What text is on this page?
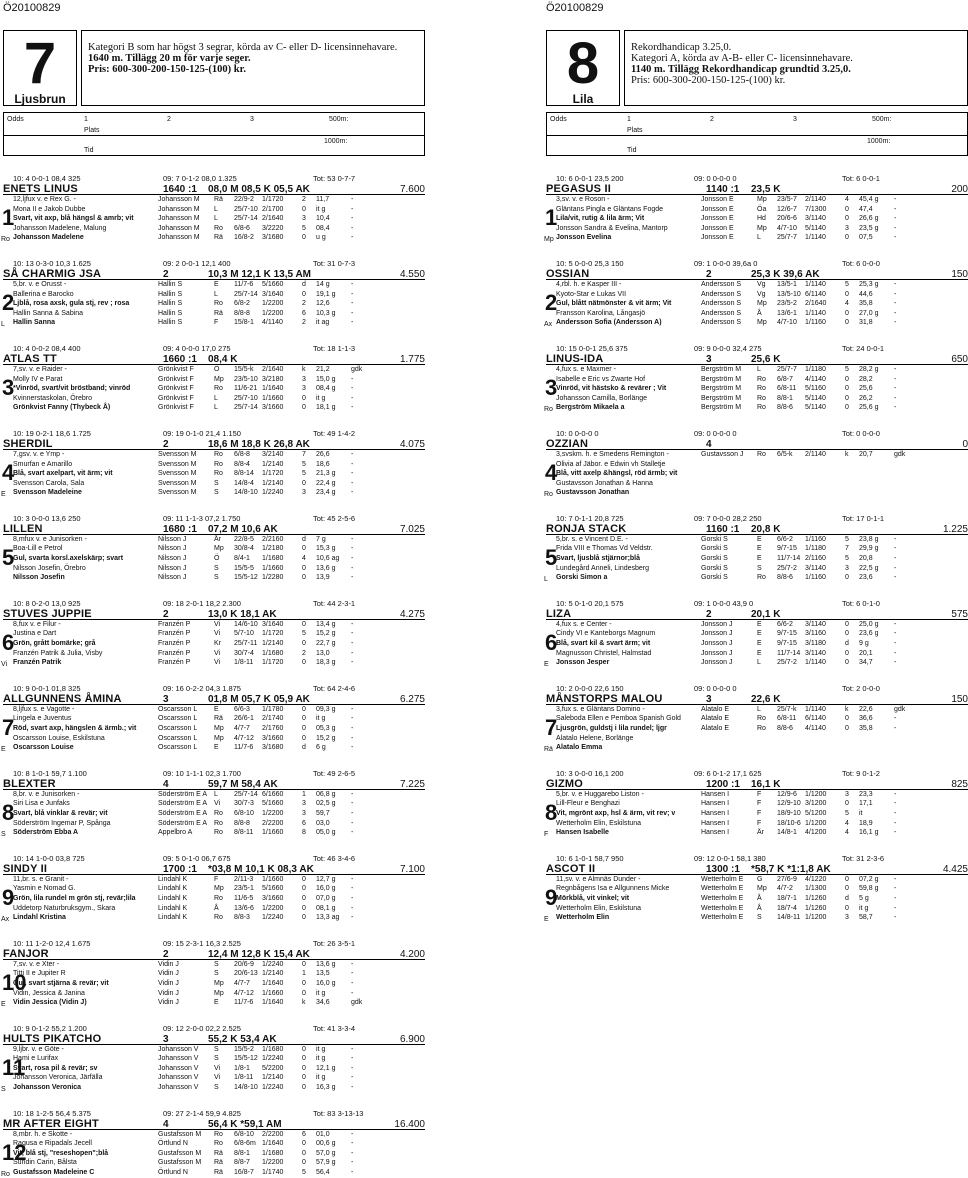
Ö20100829	Ö20100829
7
Ljusbrun
Kategori B som har högst 3 segrar, körda av C- eller D- licensinnehavare.
1640 m. Tillägg 20 m för varje seger.
Pris: 600-300-200-150-125-(100) kr.
Odds	1	2	3	500m:
Plats
1000m:
Tid
10: 4 0-0-1 08,4 325	09: 7 0-1-2 08,0 1.325	Tot: 53 0-7-7
ENETS LINUS	1640 :1	08,0 M 08,5 K 05,5 AK	7.600
1
12,ljfux v. e Rex G. -	Johansson M	Rä	22/9-2	1/1720	2	11,7	-
Mona II e Jakob Dubbe	Johansson M	L	25/7-10 2/1700	0	it g	-
Svart, vit axp, blå hängsl & amrb; vit	Johansson M	L	25/7-14 2/1640	3	10,4	-
Johansson Madelene, Malung	Johansson M	Ro	6/8-6	3/2220	5	08,4	-
Johansson Madelene	Johansson M	Rä	16/8-2	3/1680	0	u g	-
Ro
10: 13 0-3-0 10,3 1.625	09: 2 0-0-1 12,1 400	Tot: 31 0-7-3
SÅ CHARMIG JSA	2	10,3 M 12,1 K 13,5 AM	4.550
2
5,br. v. e Orusst -	Hallin S	E	11/7-6	5/1660	d	14 g	-
Ballerina e Barocko	Hallin S	L	25/7-14 3/1640	0	19,1 g	-
Ljblå, rosa axsk, gula stj, rev ; rosa	Hallin S	Ro	6/8-2	1/2200	2	12,6	-
Hallin Sanna & Sabina	Hallin S	Rä	8/8-8	1/2200	6	10,3 g	-
Hallin Sanna	Hallin S	F	15/8-1	4/1140	2	it ag	-
L
10: 4 0-0-2 08,4 400	09: 4 0-0-0 17,0 275	Tot: 18 1-1-3
ATLAS TT	1660 :1	08,4 K	1.775
3
7,sv. v. e Raider -	Grönkvist F	Ö	15/5-k	2/1640	k	21,2	gdk
Molly IV e Parat	Grönkvist F	Mp	23/5-10 3/2180	3	15,0 g	-
*Vinröd, svart/vit bröstband; vinröd	Grönkvist F	Ro	11/6-21 1/1640	3	08,4 g	-
Kvinnerstaskolan, Örebro	Grönkvist F	L	25/7-10 1/1660	0	it g	-
Grönkvist Fanny (Thybeck Å)	Grönkvist F	L	25/7-14 3/1660	0	18,1 g	-
10: 19 0-2-1 18,6 1.725	09: 19 0-1-0 21,4 1.150	Tot: 49 1-4-2
SHERDIL	2	18,6 M 18,8 K 26,8 AK	4.075
4
7,gsv. v. e Ymp -	Svensson M	Ro	6/8-8	3/2140	7	26,6	-
Smurfan e Amarillo	Svensson M	Ro	8/8-4	1/2140	5	18,6	-
Blå, svart axelpart, vit ärm; vit	Svensson M	Ro	8/8-14	1/1720	5	21,3 g	-
Svensson Carola, Sala	Svensson M	S	14/8-4	1/2140	0	22,4 g	-
Svensson Madeleine	Svensson M	S	14/8-10 1/2240	3	23,4 g	-
E
10: 3 0-0-0 13,6 250	09: 11 1-1-3 07,2 1.750	Tot: 45 2-5-6
LILLEN	1680 :1	07,2 M 10,6 AK	7.025
5
8,mfux v. e Junisorken -	Nilsson J	År	22/8-5	2/2160	d	7 g	-
Boa-Lill e Petrol	Nilsson J	Mp	30/8-4	1/2180	0	15,3 g	-
Gul, svarta korsl.axelskärp; svart	Nilsson J	Ö	8/4-1	1/1680	4	10,6 ag	-
Nilsson Josefin, Örebro	Nilsson J	S	15/5-5	1/1660	0	13,6 g	-
Nilsson Josefin	Nilsson J	S	15/5-12 1/2280	0	13,9	-
10: 8 0-2-0 13,0 925	09: 18 2-0-1 18,2 2.300	Tot: 44 2-3-1
STUVES JUPPIE	2	13,0 K 18,1 AK	4.275
6
8,fux v. e Filur -	Franzén P	Vi	14/6-10 3/1640	0	13,4 g	-
Justina e Dart	Franzén P	Vi	5/7-10	1/1720	5	15,2 g	-
Grön, grått bomärke; grå	Franzén P	Kr	25/7-11 1/2140	0	22,7 g	-
Franzén Patrik & Julia, Visby	Franzén P	Vi	30/7-4	1/1680	2	13,0	-
Franzén Patrik	Franzén P	Vi	1/8-11	1/1720	0	18,3 g	-
Vi
10: 9 0-0-1 01,8 325	09: 16 0-2-2 04,3 1.875	Tot: 64 2-4-6
ALLGUNNENS ÅMINA	3	01,8 M 05,7 K 05,9 AK	6.275
7
8,ljfux s. e Vagotte -	Oscarsson L	E	6/6-3	1/1780	0	09,3 g	-
Lingela e Juventus	Oscarsson L	Rä	26/6-1	2/1740	0	it g	-
Röd, svart axp, hängslen & ärmb.; vit	Oscarsson L	Mp	4/7-7	2/1760	0	05,3 g	-
Oscarsson Louise, Eskilstuna	Oscarsson L	Mp	4/7-12	3/1660	0	15,2 g	-
Oscarsson Louise	Oscarsson L	E	11/7-6	3/1680	d	6 g	-
E
10: 8 1-0-1 59,7 1.100	09: 10 1-1-1 02,3 1.700	Tot: 49 2-6-5
BLEXTER	4	59,7 M 58,4 AK	7.225
8
8,br. v. e Junisorken -	Söderström E A L	25/7-14 6/1660	1	06,8 g	-
Siri Lisa e Junfaks	Söderström E A Vi	30/7-3	5/1660	3	02,5 g	-
Svart, blå vinklar & revär; vit	Söderström E A Ro	6/8-10	1/2200	3	59,7	-
Söderström Ingemar P, Spånga	Söderström E A Ro	8/8-8	2/2200	6	03,0	-
Söderström Ebba A	Appelbro A	Ro	8/8-11	1/1660	8	05,0 g	-
S
10: 14 1-0-0 03,8 725	09: 5 0-1-0 06,7 675	Tot: 46 3-4-6
SINDY II	1700 :1	*03,8 M 10,1 K 08,3 AK	7.100
9
11,br. s. e Granit -	Lindahl K	F	2/11-3	1/1660	0	12,7 g	-
Yasmin e Nomad G.	Lindahl K	Mp	23/5-1	5/1660	0	16,0 g	-
Grön, lila rundel m grön stj, revär;lila	Lindahl K	Ro	11/6-5	3/1660	0	07,0 g	-
Uddetorp Naturbruksgym., Skara	Lindahl K	Å	13/6-6	1/2200	0	08,1 g	-
Lindahl Kristina	Lindahl K	Ro	8/8-3	1/2240	0	13,3 ag	-
Ax
10: 11 1-2-0 12,4 1.675	09: 15 2-3-1 16,3 2.525	Tot: 26 3-5-1
FANJOR	2	12,4 M 12,8 K 15,4 AK	4.200
10
7,sv. v. e Xter -	Vidin J	S	20/6-9	1/2240	0	13,6 g	-
Titti II e Jupiter R	Vidin J	S	20/6-13 1/2140	1	13,5	-
Gul, svart stjärna & revär; vit	Vidin J	Mp	4/7-7	1/1640	0	16,0 g	-
Vidin, Jessica & Janina	Vidin J	Mp	4/7-12	1/1660	0	it g	-
Vidin Jessica (Vidin J)	Vidin J	E	11/7-6	1/1640	k	34,6	gdk
E
10: 9 0-1-2 55,2 1.200	09: 12 2-0-0 02,2 2.525	Tot: 41 3-3-4
HULTS PIKATCHO	3	55,2 K 53,4 AK	6.900
11
9,ljbr. v. e Göte -	Johansson V	S	15/5-2	1/1680	0	it g	-
Hami e Lurifax	Johansson V	S	15/5-12 1/2240	0	it g	-
Svart, rosa pil & revär; sv	Johansson V	Vi	1/8-1	5/2200	0	12,1 g	-
Johansson Veronica, Järfälla	Johansson V	Vi	1/8-11	1/2140	0	it g	-
Johansson Veronica	Johansson V	S	14/8-10 1/2240	0	16,3 g	-
S
10: 18 1-2-5 56,4 5.375	09: 27 2-1-4 59,9 4.825	Tot: 83 3-13-13
MR AFTER EIGHT	4	56,4 K *59,1 AM	16.400
12
8,mbr. h. e Skotte -	Gustafsson M	Ro	6/8-10	2/2200	6	01,0	-
Ragusa e Ripadals Jecell	Örtlund N	Ro	6/8-6m 1/1640	0	00,6 g	-
Vit, blå stj, "reseshopen";blå	Gustafsson M	Rä	8/8-1	1/1680	0	57,0 g	-
Sundin Carin, Bålsta	Gustafsson M	Rä	8/8-7	1/2200	0	57,9 g	-
Gustafsson Madeleine C	Örtlund N	Rä	16/8-7	1/1740	5	56,4	-
Ro
8
Lila
Rekordhandicap 3.25,0.
Kategori A, körda av A-B- eller C- licensinnehavare.
1140 m. Tillägg Rekordhandicap grundtid 3.25,0.
Pris: 600-300-200-150-125-(100) kr.
Odds	1	2	3	500m:
Plats
1000m:
Tid
10: 6 0-0-1 23,5 200	09: 0 0-0-0 0	Tot: 6 0-0-1
PEGASUS II	1140 :1	23,5 K	200
1
3,sv. v. e Roson -	Jonsson E	Mp	23/5-7	2/1140	4	45,4 g	-
Gläntans Pingla e Gläntans Fogde	Jonsson E	Öa	12/6-7	7/1300	0	47,4	-
Lila/vit, rutig & lila ärm; Vit	Jonsson E	Hd	20/6-6	3/1140	0	26,6 g	-
Jonsson Sandra & Evelina, Mantorp	Jonsson E	Mp	4/7-10	5/1140	3	23,5 g	-
Jonsson Evelina	Jonsson E	L	25/7-7	1/1140	0	07,5	-
Mp
10: 5 0-0-0 25,3 150	09: 1 0-0-0 39,6a 0	Tot: 6 0-0-0
OSSIAN	2	25,3 K 39,6 AK	150
2
4,rbl. h. e Kasper III -	Andersson S	Vg	13/5-1	1/1140	5	25,3 g	-
Kyoto-Star e Lukas VII	Andersson S	Vg	13/5-10 6/1140	0	44,6	-
Gul, blått nätmönster & vit ärm; Vit	Andersson S	Mp	23/5-2	2/1640	4	35,8	-
Fransson Karolina, Långasjö	Andersson S	Å	13/6-1	1/1140	0	27,0 g	-
Andersson Sofia (Andersson A)	Andersson S	Mp	4/7-10	1/1160	0	31,8	-
Ax
10: 15 0-0-1 25,6 375	09: 9 0-0-0 32,4 275	Tot: 24 0-0-1
LINUS-IDA	3	25,6 K	650
3
4,fux s. e Maxmer -	Bergström M	L	25/7-7	1/1180	5	28,2 g	-
Isabelle e Eric vs Zwarte Hof	Bergström M	Ro	6/8-7	4/1140	0	28,2	-
Vinröd, vit hästsko & revärer ; Vit	Bergström M	Ro	6/8-11	5/1160	0	25,6	-
Johansson Camilla, Borlänge	Bergström M	Ro	8/8-1	5/1140	0	26,2	-
Bergström Mikaela a	Bergström M	Ro	8/8-6	5/1140	0	25,6 g	-
Ro
10: 0 0-0-0 0	09: 0 0-0-0 0	Tot: 0 0-0-0
OZZIAN	4	0
4
3,svskm. h. e Smedens Remington -	Gustavsson J	Ro	6/5-k	2/1140	k	20,7	gdk
Olivia af Jäbor. e Edwin vh Stalletje
Blå, vitt axelp &hängsl, röd ärmb; vit
Gustavsson Jonathan & Hanna
Gustavsson Jonathan
Ro
10: 7 0-1-1 20,8 725	09: 7 0-0-0 28,2 250	Tot: 17 0-1-1
RONJA STACK	1160 :1	20,8 K	1.225
5
5,br. s. e Vincent D.E. -	Gorski S	E	6/6-2	1/1160	5	23,8 g	-
Frida VIII e Thomas Vd Veldstr.	Gorski S	E	9/7-15	1/1180	7	29,9 g	-
Svart, ljusblå stjärnor;blå	Gorski S	E	11/7-14 2/1160	5	20,8	-
Lundegård Anneli, Lindesberg	Gorski S	S	25/7-2	3/1140	3	22,5 g	-
Gorski Simon a	Gorski S	Ro	8/8-6	1/1160	0	23,6	-
L
10: 5 0-1-0 20,1 575	09: 1 0-0-0 43,9 0	Tot: 6 0-1-0
LIZA	2	20,1 K	575
6
4,fux s. e Center -	Jonsson J	E	6/6-2	3/1140	0	25,0 g	-
Cindy VI e Kanteborgs Magnum	Jonsson J	E	9/7-15	3/1160	0	23,6 g	-
Blå, svart kil & svart ärm; vit	Jonsson J	E	9/7-15	3/1180	d	9 g	-
Magnusson Christel, Halmstad	Jonsson J	E	11/7-14 3/1140	0	20,1	-
Jonsson Jesper	Jonsson J	L	25/7-2	1/1140	0	34,7	-
E
10: 2 0-0-0 22,6 150	09: 0 0-0-0 0	Tot: 2 0-0-0
MÅNSTORPS MALOU	3	22,6 K	150
7
3,fux s. e Gläntans Domino -	Alatalo E	L	25/7-k	1/1140	k	22,6	gdk
Saleboda Ellen e Pemboa Spanish Gold	Alatalo E	Ro	6/8-11	6/1140	0	36,6	-
Ljusgrön, guldstj i lila rundel; ljgr	Alatalo E	Ro	8/8-6	4/1140	0	35,8	-
Alatalo Helene, Borlänge
Alatalo Emma
Rä
10: 3 0-0-0 16,1 200	09: 6 0-1-2 17,1 625	Tot: 9 0-1-2
GIZMO	1200 :1	16,1 K	825
8
5,br. v. e Huggarebo Liston -	Hansen I	F	12/9-6	1/1200	3	23,3	-
Lill-Fleur e Benghazi	Hansen I	F	12/9-10 3/1200	0	17,1	-
Vit, mgrönt axp, hsl & ärm, vit rev; v	Hansen I	F	18/9-10 5/1200	5	it	-
Wetterholm Elin, Eskilstuna	Hansen I	F	18/10-6 1/1200	4	18,9	-
Hansen Isabelle	Hansen I	Är	14/8-1	4/1200	4	16,1 g	-
F
10: 6 1-0-1 58,7 950	09: 12 0-0-1 58,1 380	Tot: 31 2-3-6
ASCOT II	1300 :1	*58,7 K *1:1,8 AK	4.425
9
11,sv. v. e Almnäs Dunder -	Wetterholm E	G	27/6-9	4/1220	0	07,2 g	-
Regnbågens Isa e Allgunnens Micke	Wetterholm E	Mp	4/7-2	1/1300	0	59,8 g	-
Mörkblå, vit vinkel; vit	Wetterholm E	Å	18/7-1	1/1260	d	5 g	-
Wetterholm Elin, Eskilstuna	Wetterholm E	Å	18/7-4	1/1260	0	it g	-
Wetterholm Elin	Wetterholm E	S	14/8-11 1/1200	3	58,7	-
E
